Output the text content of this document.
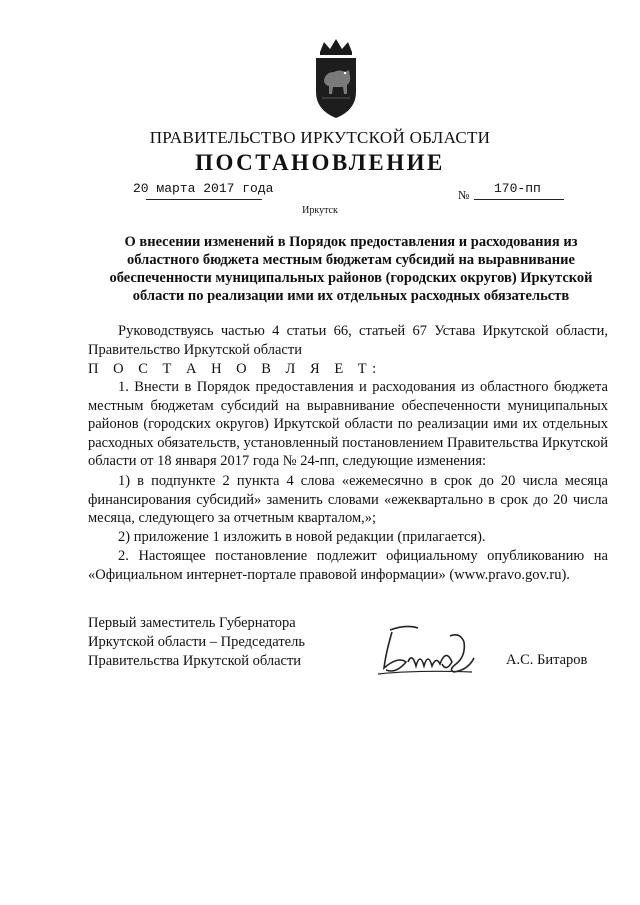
ПРАВИТЕЛЬСТВО ИРКУТСКОЙ ОБЛАСТИ
ПОСТАНОВЛЕНИЕ
20 марта 2017 года	№ 170-пп
Иркутск
О внесении изменений в Порядок предоставления и расходования из областного бюджета местным бюджетам субсидий на выравнивание обеспеченности муниципальных районов (городских округов) Иркутской области по реализации ими их отдельных расходных обязательств
Руководствуясь частью 4 статьи 66, статьей 67 Устава Иркутской области, Правительство Иркутской области
П О С Т А Н О В Л Я Е Т:
1. Внести в Порядок предоставления и расходования из областного бюджета местным бюджетам субсидий на выравнивание обеспеченности муниципальных районов (городских округов) Иркутской области по реализации ими их отдельных расходных обязательств, установленный постановлением Правительства Иркутской области от 18 января 2017 года № 24-пп, следующие изменения:
1) в подпункте 2 пункта 4 слова «ежемесячно в срок до 20 числа месяца финансирования субсидий» заменить словами «ежеквартально в срок до 20 числа месяца, следующего за отчетным кварталом,»;
2) приложение 1 изложить в новой редакции (прилагается).
2. Настоящее постановление подлежит официальному опубликованию на «Официальном интернет-портале правовой информации» (www.pravo.gov.ru).
Первый заместитель Губернатора
Иркутской области – Председатель
Правительства Иркутской области	А.С. Битаров
